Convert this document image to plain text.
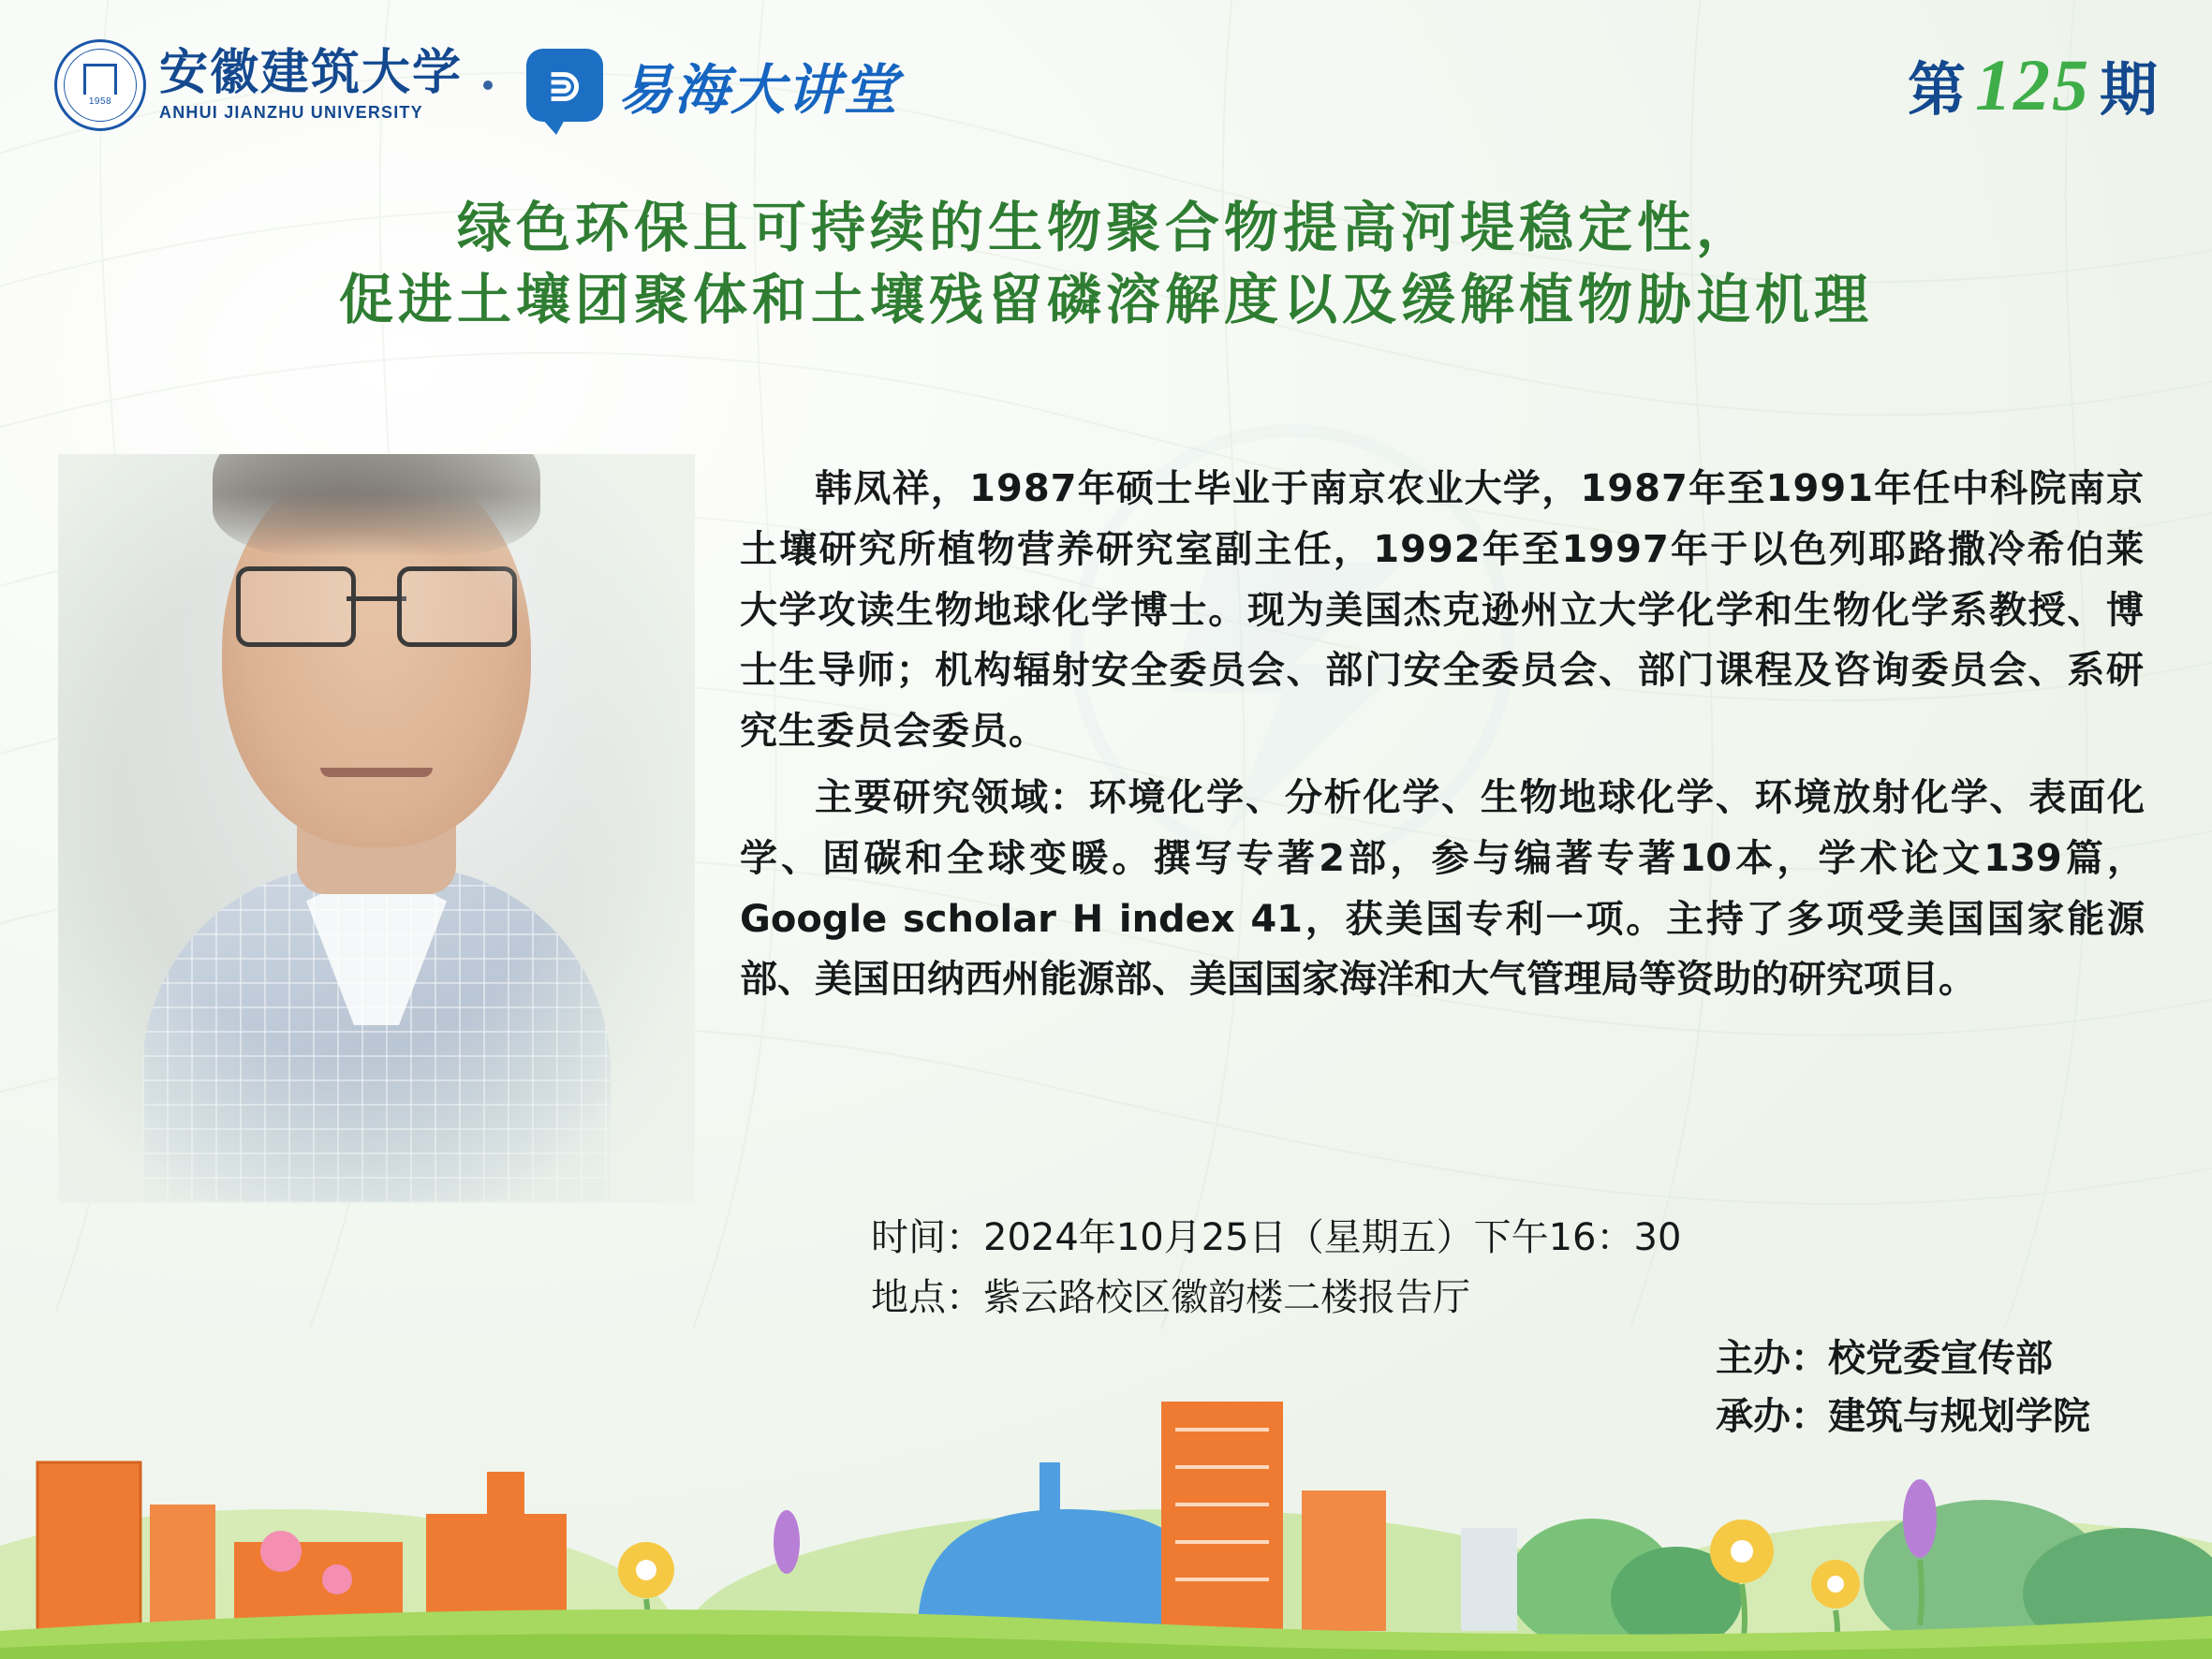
1958
安徽建筑大学
ANHUI JIANZHU UNIVERSITY
⋑ 易海大讲堂	第 125 期
绿色环保且可持续的生物聚合物提高河堤稳定性，
促进土壤团聚体和土壤残留磷溶解度以及缓解植物胁迫机理

韩凤祥，1987年硕士毕业于南京农业大学，1987年至1991年任中科院南京土壤研究所植物营养研究室副主任，1992年至1997年于以色列耶路撒冷希伯莱大学攻读生物地球化学博士。现为美国杰克逊州立大学化学和生物化学系教授、博士生导师；机构辐射安全委员会、部门安全委员会、部门课程及咨询委员会、系研究生委员会委员。

主要研究领域：环境化学、分析化学、生物地球化学、环境放射化学、表面化学、固碳和全球变暖。撰写专著2部，参与编著专著10本，学术论文139篇，Google scholar H index 41，获美国专利一项。主持了多项受美国国家能源部、美国田纳西州能源部、美国国家海洋和大气管理局等资助的研究项目。

时间：2024年10月25日（星期五）下午16：30
地点：紫云路校区徽韵楼二楼报告厅
主办：校党委宣传部
承办：建筑与规划学院
